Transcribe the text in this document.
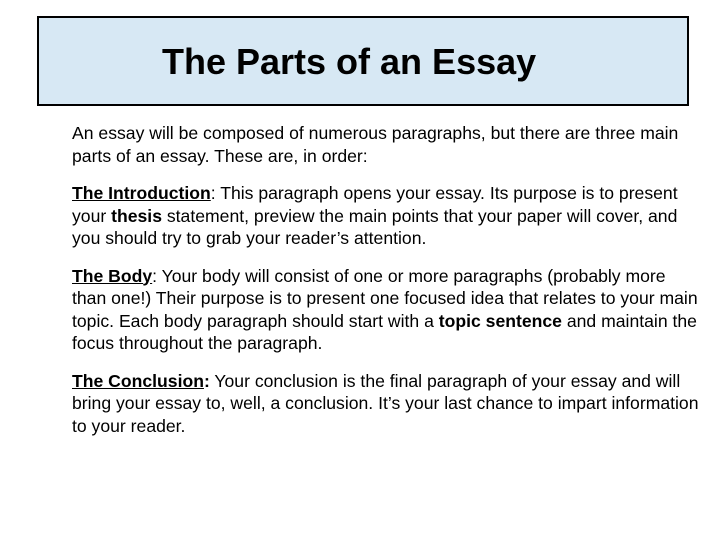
The Parts of an Essay

An essay will be composed of numerous paragraphs, but there are three main parts of an essay. These are, in order:

The Introduction: This paragraph opens your essay. Its purpose is to present your thesis statement, preview the main points that your paper will cover, and you should try to grab your reader’s attention.

The Body: Your body will consist of one or more paragraphs (probably more than one!) Their purpose is to present one focused idea that relates to your main topic. Each body paragraph should start with a topic sentence and maintain the focus throughout the paragraph.

The Conclusion: Your conclusion is the final paragraph of your essay and will bring your essay to, well, a conclusion. It’s your last chance to impart information to your reader.
